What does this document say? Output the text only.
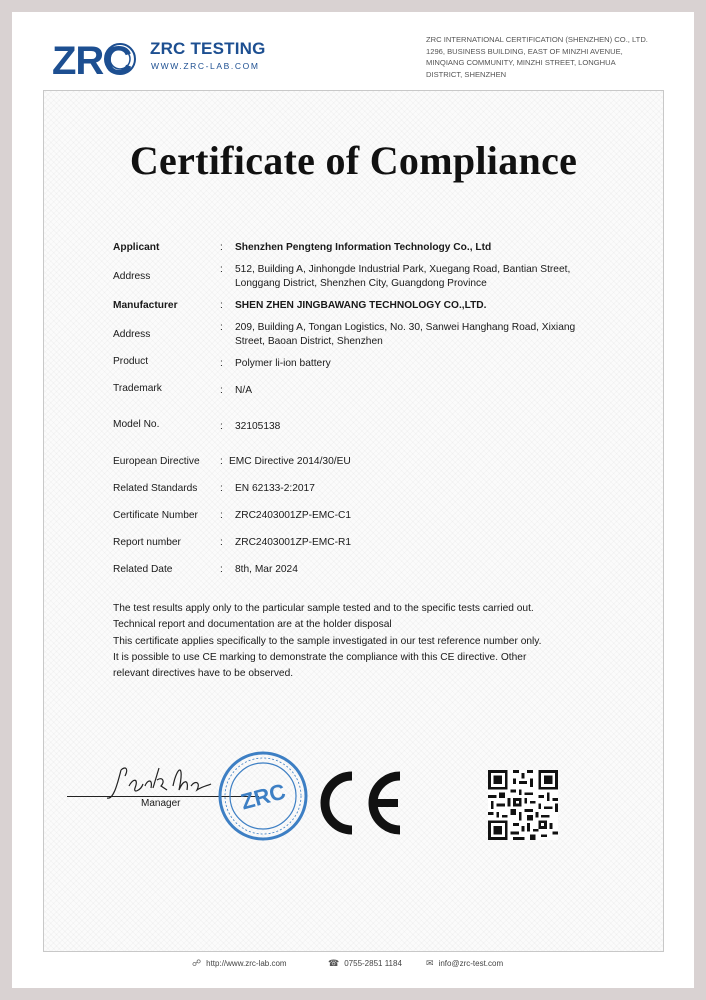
ZRC ZRC TESTING
WWW.ZRC-LAB.COM
ZRC INTERNATIONAL CERTIFICATION (SHENZHEN) CO., LTD.
1296, BUSINESS BUILDING, EAST OF MINZHI AVENUE,
MINQIANG COMMUNITY, MINZHI STREET, LONGHUA
DISTRICT, SHENZHEN
Certificate of Compliance
Applicant	: Shenzhen Pengteng Information Technology Co., Ltd
Address
: 512, Building A, Jinhongde Industrial Park, Xuegang Road, Bantian Street, Longgang District, Shenzhen City, Guangdong Province
Manufacturer	: SHEN ZHEN JINGBAWANG TECHNOLOGY CO.,LTD.
Address
: 209, Building A, Tongan Logistics, No. 30, Sanwei Hanghang Road, Xixiang Street, Baoan District, Shenzhen
Product	: Polymer li-ion battery
Trademark	: N/A
Model No.	: 32105138
European Directive	: EMC Directive 2014/30/EU
Related Standards	: EN 62133-2:2017
Certificate Number	: ZRC2403001ZP-EMC-C1
Report number	: ZRC2403001ZP-EMC-R1
Related Date	: 8th, Mar 2024
The test results apply only to the particular sample tested and to the specific tests carried out.
Technical report and documentation are at the holder disposal
This certificate applies specifically to the sample investigated in our test reference number only.
It is possible to use CE marking to demonstrate the compliance with this CE directive. Other
relevant directives have to be observed.
Manager	ZRC
☍ http://www.zrc-lab.com	☎ 0755-2851 1184	✉ info@zrc-test.com
